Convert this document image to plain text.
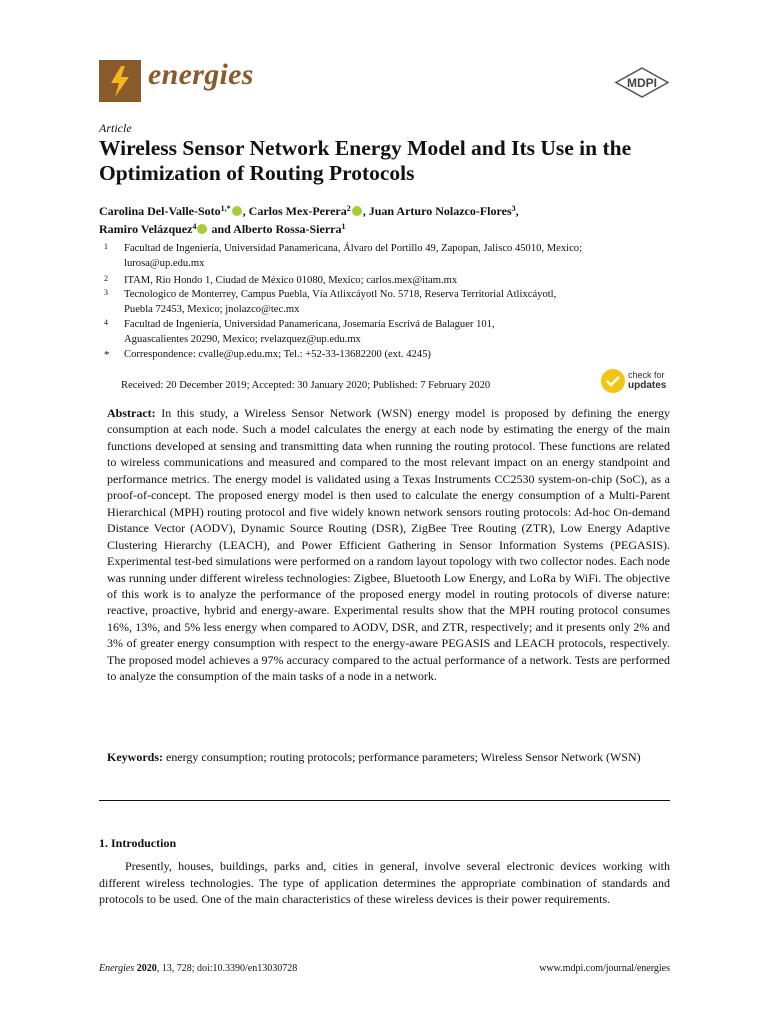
energies	MDPI
Article
Wireless Sensor Network Energy Model and Its Use in the Optimization of Routing Protocols
Carolina Del-Valle-Soto$^{1,*}$ , Carlos Mex-Perera$^2$ , Juan Arturo Nolazco-Flores$^3$,
Ramiro Velázquez$^4$ and Alberto Rossa-Sierra$^1$
1 Facultad de Ingeniería, Universidad Panamericana, Álvaro del Portillo 49, Zapopan, Jalisco 45010, Mexico;
lurosa@up.edu.mx
2 ITAM, Rio Hondo 1, Ciudad de México 01080, Mexico; carlos.mex@itam.mx
3 Tecnologico de Monterrey, Campus Puebla, Vía Atlixcáyotl No. 5718, Reserva Territorial Atlixcáyotl,
Puebla 72453, Mexico; jnolazco@tec.mx
4 Facultad de Ingeniería, Universidad Panamericana, Josemaría Escrivá de Balaguer 101,
Aguascalientes 20290, Mexico; rvelazquez@up.edu.mx
* Correspondence: cvalle@up.edu.mx; Tel.: +52-33-13682200 (ext. 4245)
Received: 20 December 2019; Accepted: 30 January 2020; Published: 7 February 2020
check for
updates
Abstract: In this study, a Wireless Sensor Network (WSN) energy model is proposed by defining the energy consumption at each node. Such a model calculates the energy at each node by estimating the energy of the main functions developed at sensing and transmitting data when running the routing protocol. These functions are related to wireless communications and measured and compared to the most relevant impact on an energy standpoint and performance metrics. The energy model is validated using a Texas Instruments CC2530 system-on-chip (SoC), as a proof-of-concept. The proposed energy model is then used to calculate the energy consumption of a Multi-Parent Hierarchical (MPH) routing protocol and five widely known network sensors routing protocols: Ad-hoc On-demand Distance Vector (AODV), Dynamic Source Routing (DSR), ZigBee Tree Routing (ZTR), Low Energy Adaptive Clustering Hierarchy (LEACH), and Power Efficient Gathering in Sensor Information Systems (PEGASIS). Experimental test-bed simulations were performed on a random layout topology with two collector nodes. Each node was running under different wireless technologies: Zigbee, Bluetooth Low Energy, and LoRa by WiFi. The objective of this work is to analyze the performance of the proposed energy model in routing protocols of diverse nature: reactive, proactive, hybrid and energy-aware. Experimental results show that the MPH routing protocol consumes 16%, 13%, and 5% less energy when compared to AODV, DSR, and ZTR, respectively; and it presents only 2% and 3% of greater energy consumption with respect to the energy-aware PEGASIS and LEACH protocols, respectively. The proposed model achieves a 97% accuracy compared to the actual performance of a network. Tests are performed to analyze the consumption of the main tasks of a node in a network.
Keywords: energy consumption; routing protocols; performance parameters; Wireless Sensor Network (WSN)
1. Introduction
Presently, houses, buildings, parks and, cities in general, involve several electronic devices working with different wireless technologies. The type of application determines the appropriate combination of standards and protocols to be used. One of the main characteristics of these wireless devices is their power requirements.
Energies 2020, 13, 728; doi:10.3390/en13030728	www.mdpi.com/journal/energies
